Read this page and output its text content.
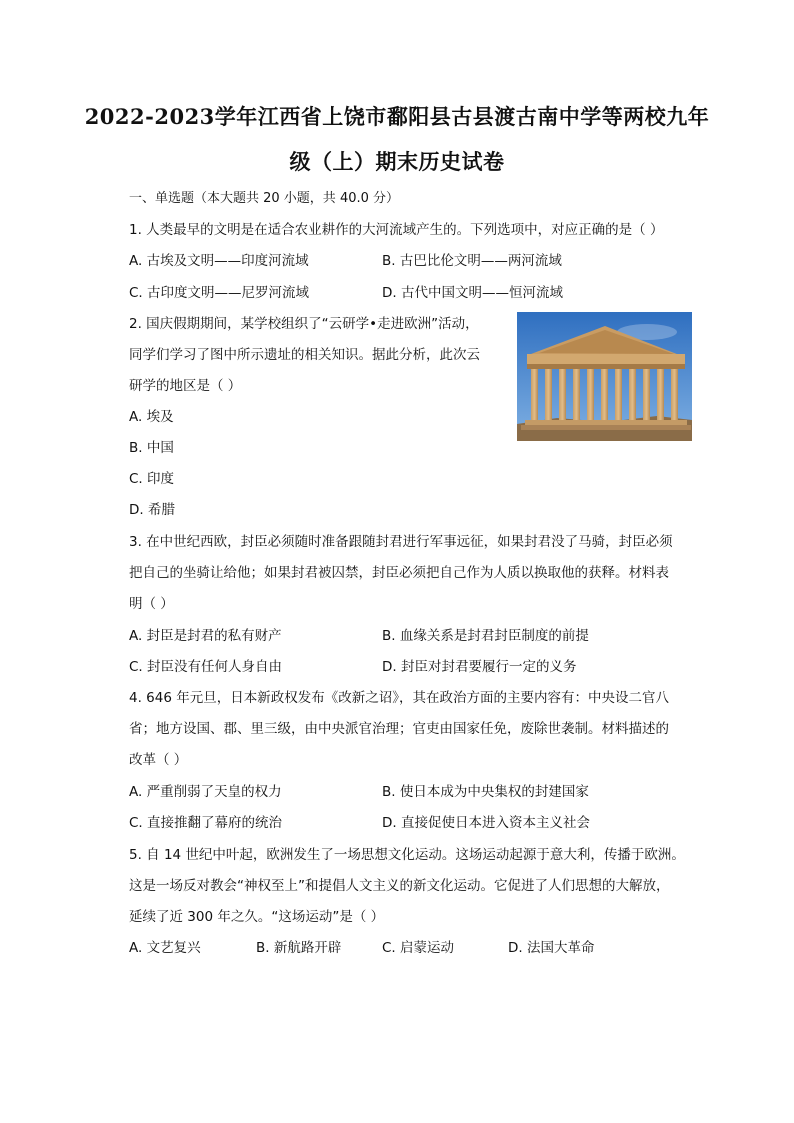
2022-2023学年江西省上饶市鄱阳县古县渡古南中学等两校九年
级（上）期末历史试卷
一、单选题（本大题共 20 小题，共 40.0 分）
1. 人类最早的文明是在适合农业耕作的大河流域产生的。下列选项中，对应正确的是（ ）
A. 古埃及文明——印度河流域	B. 古巴比伦文明——两河流域
C. 古印度文明——尼罗河流域	D. 古代中国文明——恒河流域
2. 国庆假期期间，某学校组织了“云研学•走进欧洲”活动，
同学们学习了图中所示遗址的相关知识。据此分析，此次云
研学的地区是（ ）
A. 埃及
B. 中国
C. 印度
D. 希腊
3. 在中世纪西欧，封臣必须随时准备跟随封君进行军事远征，如果封君没了马骑，封臣必须
把自己的坐骑让给他；如果封君被囚禁，封臣必须把自己作为人质以换取他的获释。材料表
明（ ）
A. 封臣是封君的私有财产	B. 血缘关系是封君封臣制度的前提
C. 封臣没有任何人身自由	D. 封臣对封君要履行一定的义务
4. 646 年元旦，日本新政权发布《改新之诏》，其在政治方面的主要内容有：中央设二官八
省；地方设国、郡、里三级，由中央派官治理；官吏由国家任免，废除世袭制。材料描述的
改革（ ）
A. 严重削弱了天皇的权力	B. 使日本成为中央集权的封建国家
C. 直接推翻了幕府的统治	D. 直接促使日本进入资本主义社会
5. 自 14 世纪中叶起，欧洲发生了一场思想文化运动。这场运动起源于意大利，传播于欧洲。
这是一场反对教会“神权至上”和提倡人文主义的新文化运动。它促进了人们思想的大解放，
延续了近 300 年之久。“这场运动”是（ ）
A. 文艺复兴	B. 新航路开辟	C. 启蒙运动	D. 法国大革命
